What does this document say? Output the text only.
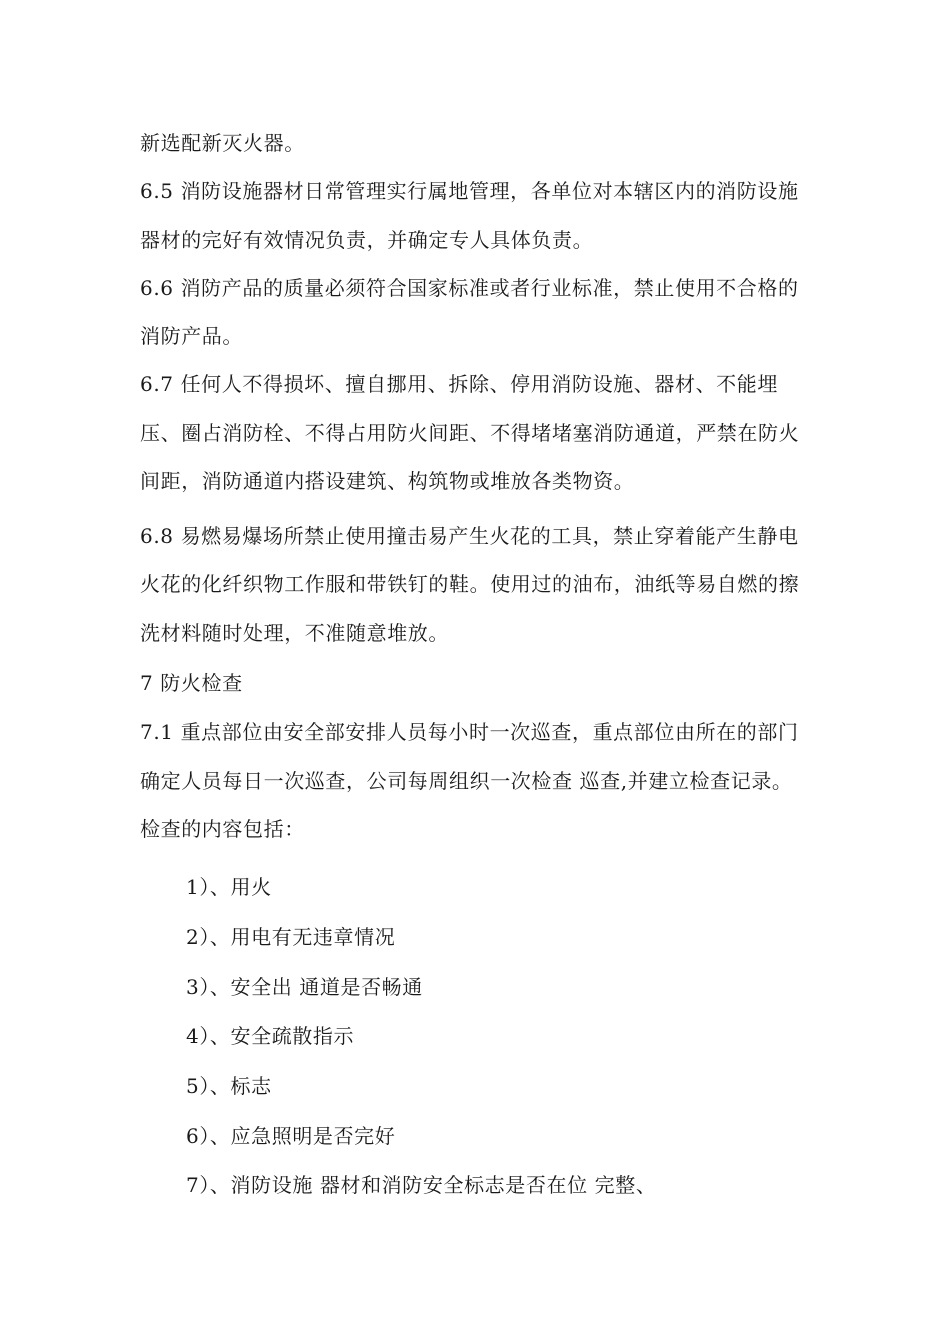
新选配新灭火器。
6.5 消防设施器材日常管理实行属地管理，各单位对本辖区内的消防设施
器材的完好有效情况负责，并确定专人具体负责。
6.6 消防产品的质量必须符合国家标准或者行业标准，禁止使用不合格的
消防产品。
6.7 任何人不得损坏、擅自挪用、拆除、停用消防设施、器材、不能埋
压、圈占消防栓、不得占用防火间距、不得堵堵塞消防通道，严禁在防火
间距，消防通道内搭设建筑、构筑物或堆放各类物资。
6.8 易燃易爆场所禁止使用撞击易产生火花的工具，禁止穿着能产生静电
火花的化纤织物工作服和带铁钉的鞋。使用过的油布，油纸等易自燃的擦
洗材料随时处理，不准随意堆放。
7 防火检查
7.1 重点部位由安全部安排人员每小时一次巡查，重点部位由所在的部门
确定人员每日一次巡查，公司每周组织一次检查 巡查,并建立检查记录。
检查的内容包括：
1）、用火
2）、用电有无违章情况
3）、安全出 通道是否畅通
4）、安全疏散指示
5）、标志
6）、应急照明是否完好
7）、消防设施 器材和消防安全标志是否在位 完整、
